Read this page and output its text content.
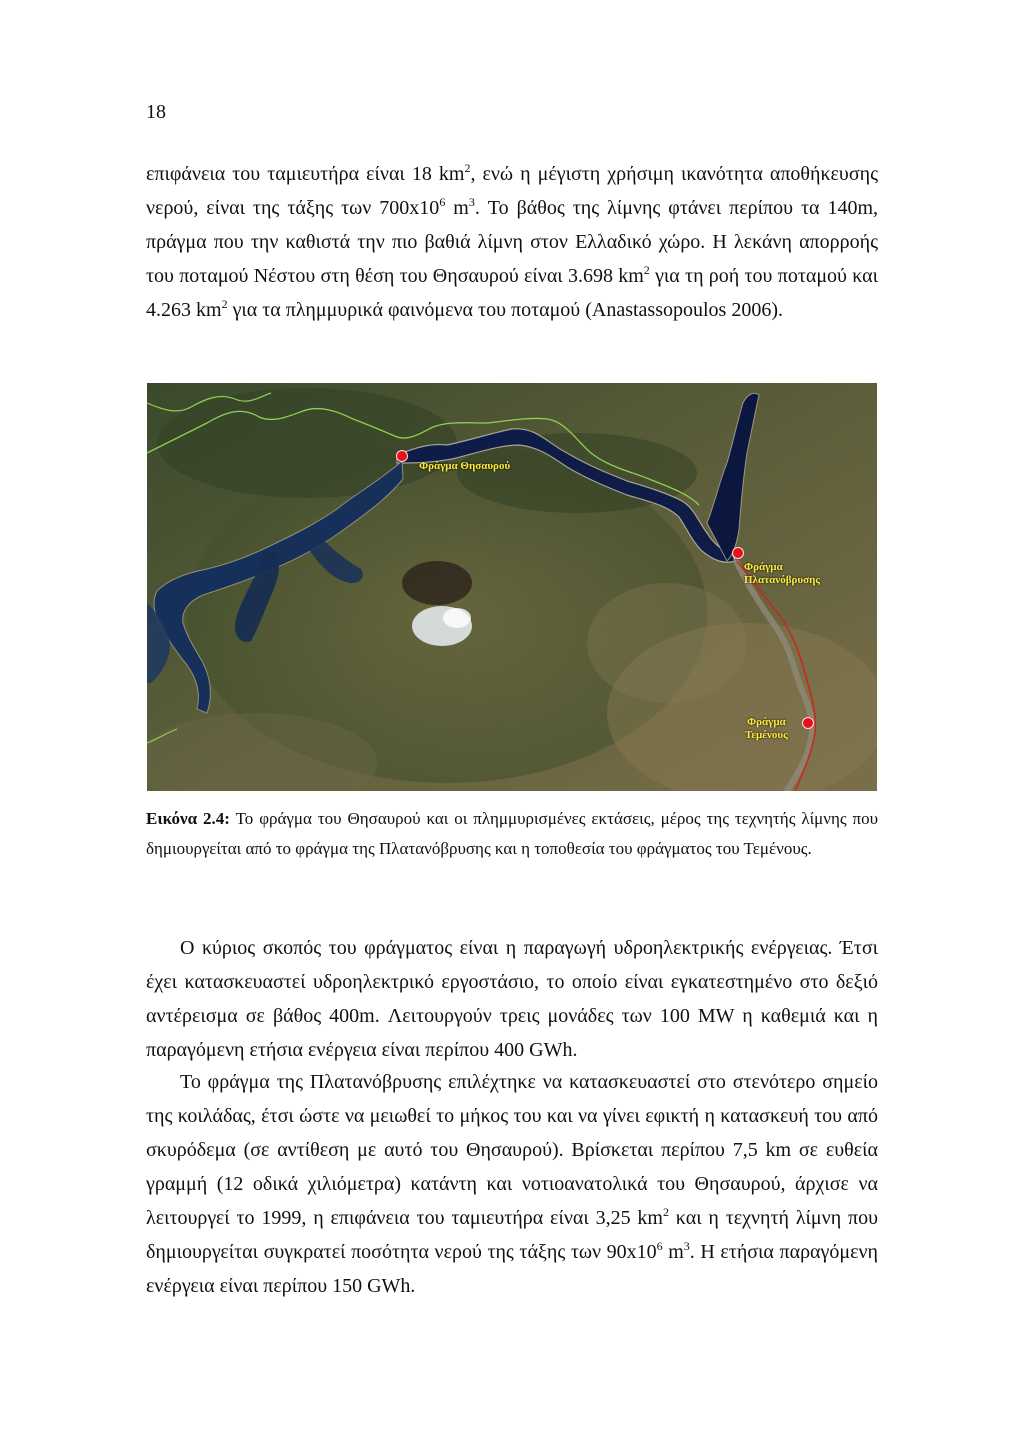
18

επιφάνεια του ταμιευτήρα είναι 18 $km^2$, ενώ η μέγιστη χρήσιμη ικανότητα αποθήκευσης νερού, είναι της τάξης των $700x10^6$ $m^3$. Το βάθος της λίμνης φτάνει περίπου τα 140m, πράγμα που την καθιστά την πιο βαθιά λίμνη στον Ελλαδικό χώρο. Η λεκάνη απορροής του ποταμού Νέστου στη θέση του Θησαυρού είναι 3.698 $km^2$ για τη ροή του ποταμού και 4.263 $km^2$ για τα πλημμυρικά φαινόμενα του ποταμού (Anastassopoulos 2006).

Φράγμα Θησαυρού
Φράγμα
Πλατανόβρυσης
Φράγμα
Τεμένους

Εικόνα 2.4: Το φράγμα του Θησαυρού και οι πλημμυρισμένες εκτάσεις, μέρος της τεχνητής λίμνης που δημιουργείται από το φράγμα της Πλατανόβρυσης και η τοποθεσία του φράγματος του Τεμένους.

Ο κύριος σκοπός του φράγματος είναι η παραγωγή υδροηλεκτρικής ενέργειας. Έτσι έχει κατασκευαστεί υδροηλεκτρικό εργοστάσιο, το οποίο είναι εγκατεστημένο στο δεξιό αντέρεισμα σε βάθος 400m. Λειτουργούν τρεις μονάδες των 100 MW η καθεμιά και η παραγόμενη ετήσια ενέργεια είναι περίπου 400 GWh.

Το φράγμα της Πλατανόβρυσης επιλέχτηκε να κατασκευαστεί στο στενότερο σημείο της κοιλάδας, έτσι ώστε να μειωθεί το μήκος του και να γίνει εφικτή η κατασκευή του από σκυρόδεμα (σε αντίθεση με αυτό του Θησαυρού). Βρίσκεται περίπου 7,5 km σε ευθεία γραμμή (12 οδικά χιλιόμετρα) κατάντη και νοτιοανατολικά του Θησαυρού, άρχισε να λειτουργεί το 1999, η επιφάνεια του ταμιευτήρα είναι 3,25 $km^2$ και η τεχνητή λίμνη που δημιουργείται συγκρατεί ποσότητα νερού της τάξης των $90x10^6$ $m^3$. Η ετήσια παραγόμενη ενέργεια είναι περίπου 150 GWh.
